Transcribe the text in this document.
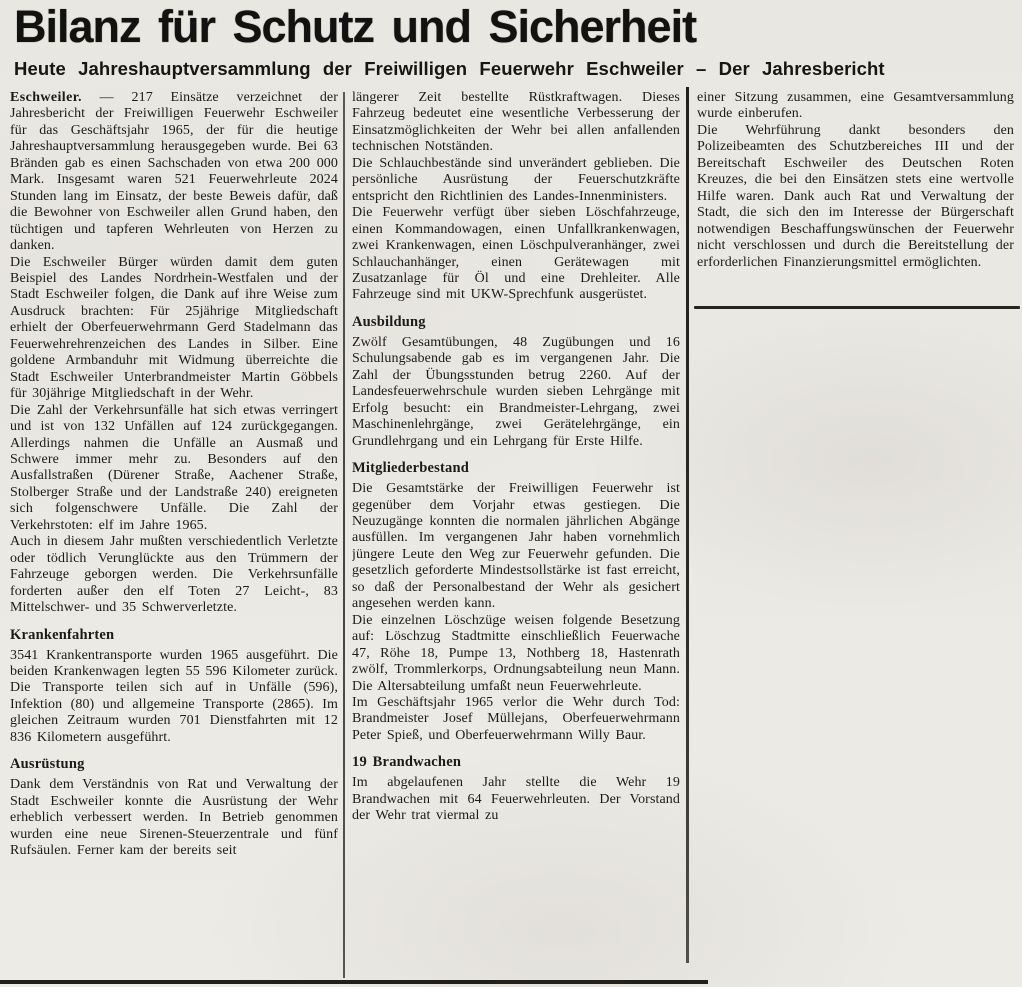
Bilanz für Schutz und Sicherheit
Heute Jahreshauptversammlung der Freiwilligen Feuerwehr Eschweiler – Der Jahresbericht

Eschweiler. — 217 Einsätze verzeichnet der Jahresbericht der Freiwilligen Feuerwehr Eschweiler für das Geschäftsjahr 1965, der für die heutige Jahreshauptversammlung herausgegeben wurde. Bei 63 Bränden gab es einen Sachschaden von etwa 200 000 Mark. Insgesamt waren 521 Feuerwehrleute 2024 Stunden lang im Einsatz, der beste Beweis dafür, daß die Bewohner von Eschweiler allen Grund haben, den tüchtigen und tapferen Wehrleuten von Herzen zu danken.

Die Eschweiler Bürger würden damit dem guten Beispiel des Landes Nordrhein-Westfalen und der Stadt Eschweiler folgen, die Dank auf ihre Weise zum Ausdruck brachten: Für 25jährige Mitgliedschaft erhielt der Oberfeuerwehrmann Gerd Stadelmann das Feuerwehrehrenzeichen des Landes in Silber. Eine goldene Armbanduhr mit Widmung überreichte die Stadt Eschweiler Unterbrandmeister Martin Göbbels für 30jährige Mitgliedschaft in der Wehr.

Die Zahl der Verkehrsunfälle hat sich etwas verringert und ist von 132 Unfällen auf 124 zurückgegangen. Allerdings nahmen die Unfälle an Ausmaß und Schwere immer mehr zu. Besonders auf den Ausfallstraßen (Dürener Straße, Aachener Straße, Stolberger Straße und der Landstraße 240) ereigneten sich folgenschwere Unfälle. Die Zahl der Verkehrstoten: elf im Jahre 1965.

Auch in diesem Jahr mußten verschiedentlich Verletzte oder tödlich Verunglückte aus den Trümmern der Fahrzeuge geborgen werden. Die Verkehrsunfälle forderten außer den elf Toten 27 Leicht-, 83 Mittelschwer- und 35 Schwerverletzte.

Krankenfahrten

3541 Krankentransporte wurden 1965 ausgeführt. Die beiden Krankenwagen legten 55 596 Kilometer zurück. Die Transporte teilen sich auf in Unfälle (596), Infektion (80) und allgemeine Transporte (2865). Im gleichen Zeitraum wurden 701 Dienstfahrten mit 12 836 Kilometern ausgeführt.

Ausrüstung

Dank dem Verständnis von Rat und Verwaltung der Stadt Eschweiler konnte die Ausrüstung der Wehr erheblich verbessert werden. In Betrieb genommen wurden eine neue Sirenen-Steuerzentrale und fünf Rufsäulen. Ferner kam der bereits seit

längerer Zeit bestellte Rüstkraftwagen. Dieses Fahrzeug bedeutet eine wesentliche Verbesserung der Einsatzmöglichkeiten der Wehr bei allen anfallenden technischen Notständen.

Die Schlauchbestände sind unverändert geblieben. Die persönliche Ausrüstung der Feuerschutzkräfte entspricht den Richtlinien des Landes-Innenministers.

Die Feuerwehr verfügt über sieben Löschfahrzeuge, einen Kommandowagen, einen Unfallkrankenwagen, zwei Krankenwagen, einen Löschpulveranhänger, zwei Schlauchanhänger, einen Gerätewagen mit Zusatzanlage für Öl und eine Drehleiter. Alle Fahrzeuge sind mit UKW-Sprechfunk ausgerüstet.

Ausbildung

Zwölf Gesamtübungen, 48 Zugübungen und 16 Schulungsabende gab es im vergangenen Jahr. Die Zahl der Übungsstunden betrug 2260. Auf der Landesfeuerwehrschule wurden sieben Lehrgänge mit Erfolg besucht: ein Brandmeister-Lehrgang, zwei Maschinenlehrgänge, zwei Gerätelehrgänge, ein Grundlehrgang und ein Lehrgang für Erste Hilfe.

Mitgliederbestand

Die Gesamtstärke der Freiwilligen Feuerwehr ist gegenüber dem Vorjahr etwas gestiegen. Die Neuzugänge konnten die normalen jährlichen Abgänge ausfüllen. Im vergangenen Jahr haben vornehmlich jüngere Leute den Weg zur Feuerwehr gefunden. Die gesetzlich geforderte Mindestsollstärke ist fast erreicht, so daß der Personalbestand der Wehr als gesichert angesehen werden kann.

Die einzelnen Löschzüge weisen folgende Besetzung auf: Löschzug Stadtmitte einschließlich Feuerwache 47, Röhe 18, Pumpe 13, Nothberg 18, Hastenrath zwölf, Trommlerkorps, Ordnungsabteilung neun Mann. Die Altersabteilung umfaßt neun Feuerwehrleute.

Im Geschäftsjahr 1965 verlor die Wehr durch Tod: Brandmeister Josef Müllejans, Oberfeuerwehrmann Peter Spieß, und Oberfeuerwehrmann Willy Baur.

19 Brandwachen

Im abgelaufenen Jahr stellte die Wehr 19 Brandwachen mit 64 Feuerwehrleuten. Der Vorstand der Wehr trat viermal zu

einer Sitzung zusammen, eine Gesamtversammlung wurde einberufen.

Die Wehrführung dankt besonders den Polizeibeamten des Schutzbereiches III und der Bereitschaft Eschweiler des Deutschen Roten Kreuzes, die bei den Einsätzen stets eine wertvolle Hilfe waren. Dank auch Rat und Verwaltung der Stadt, die sich den im Interesse der Bürgerschaft notwendigen Beschaffungswünschen der Feuerwehr nicht verschlossen und durch die Bereitstellung der erforderlichen Finanzierungsmittel ermöglichten.
